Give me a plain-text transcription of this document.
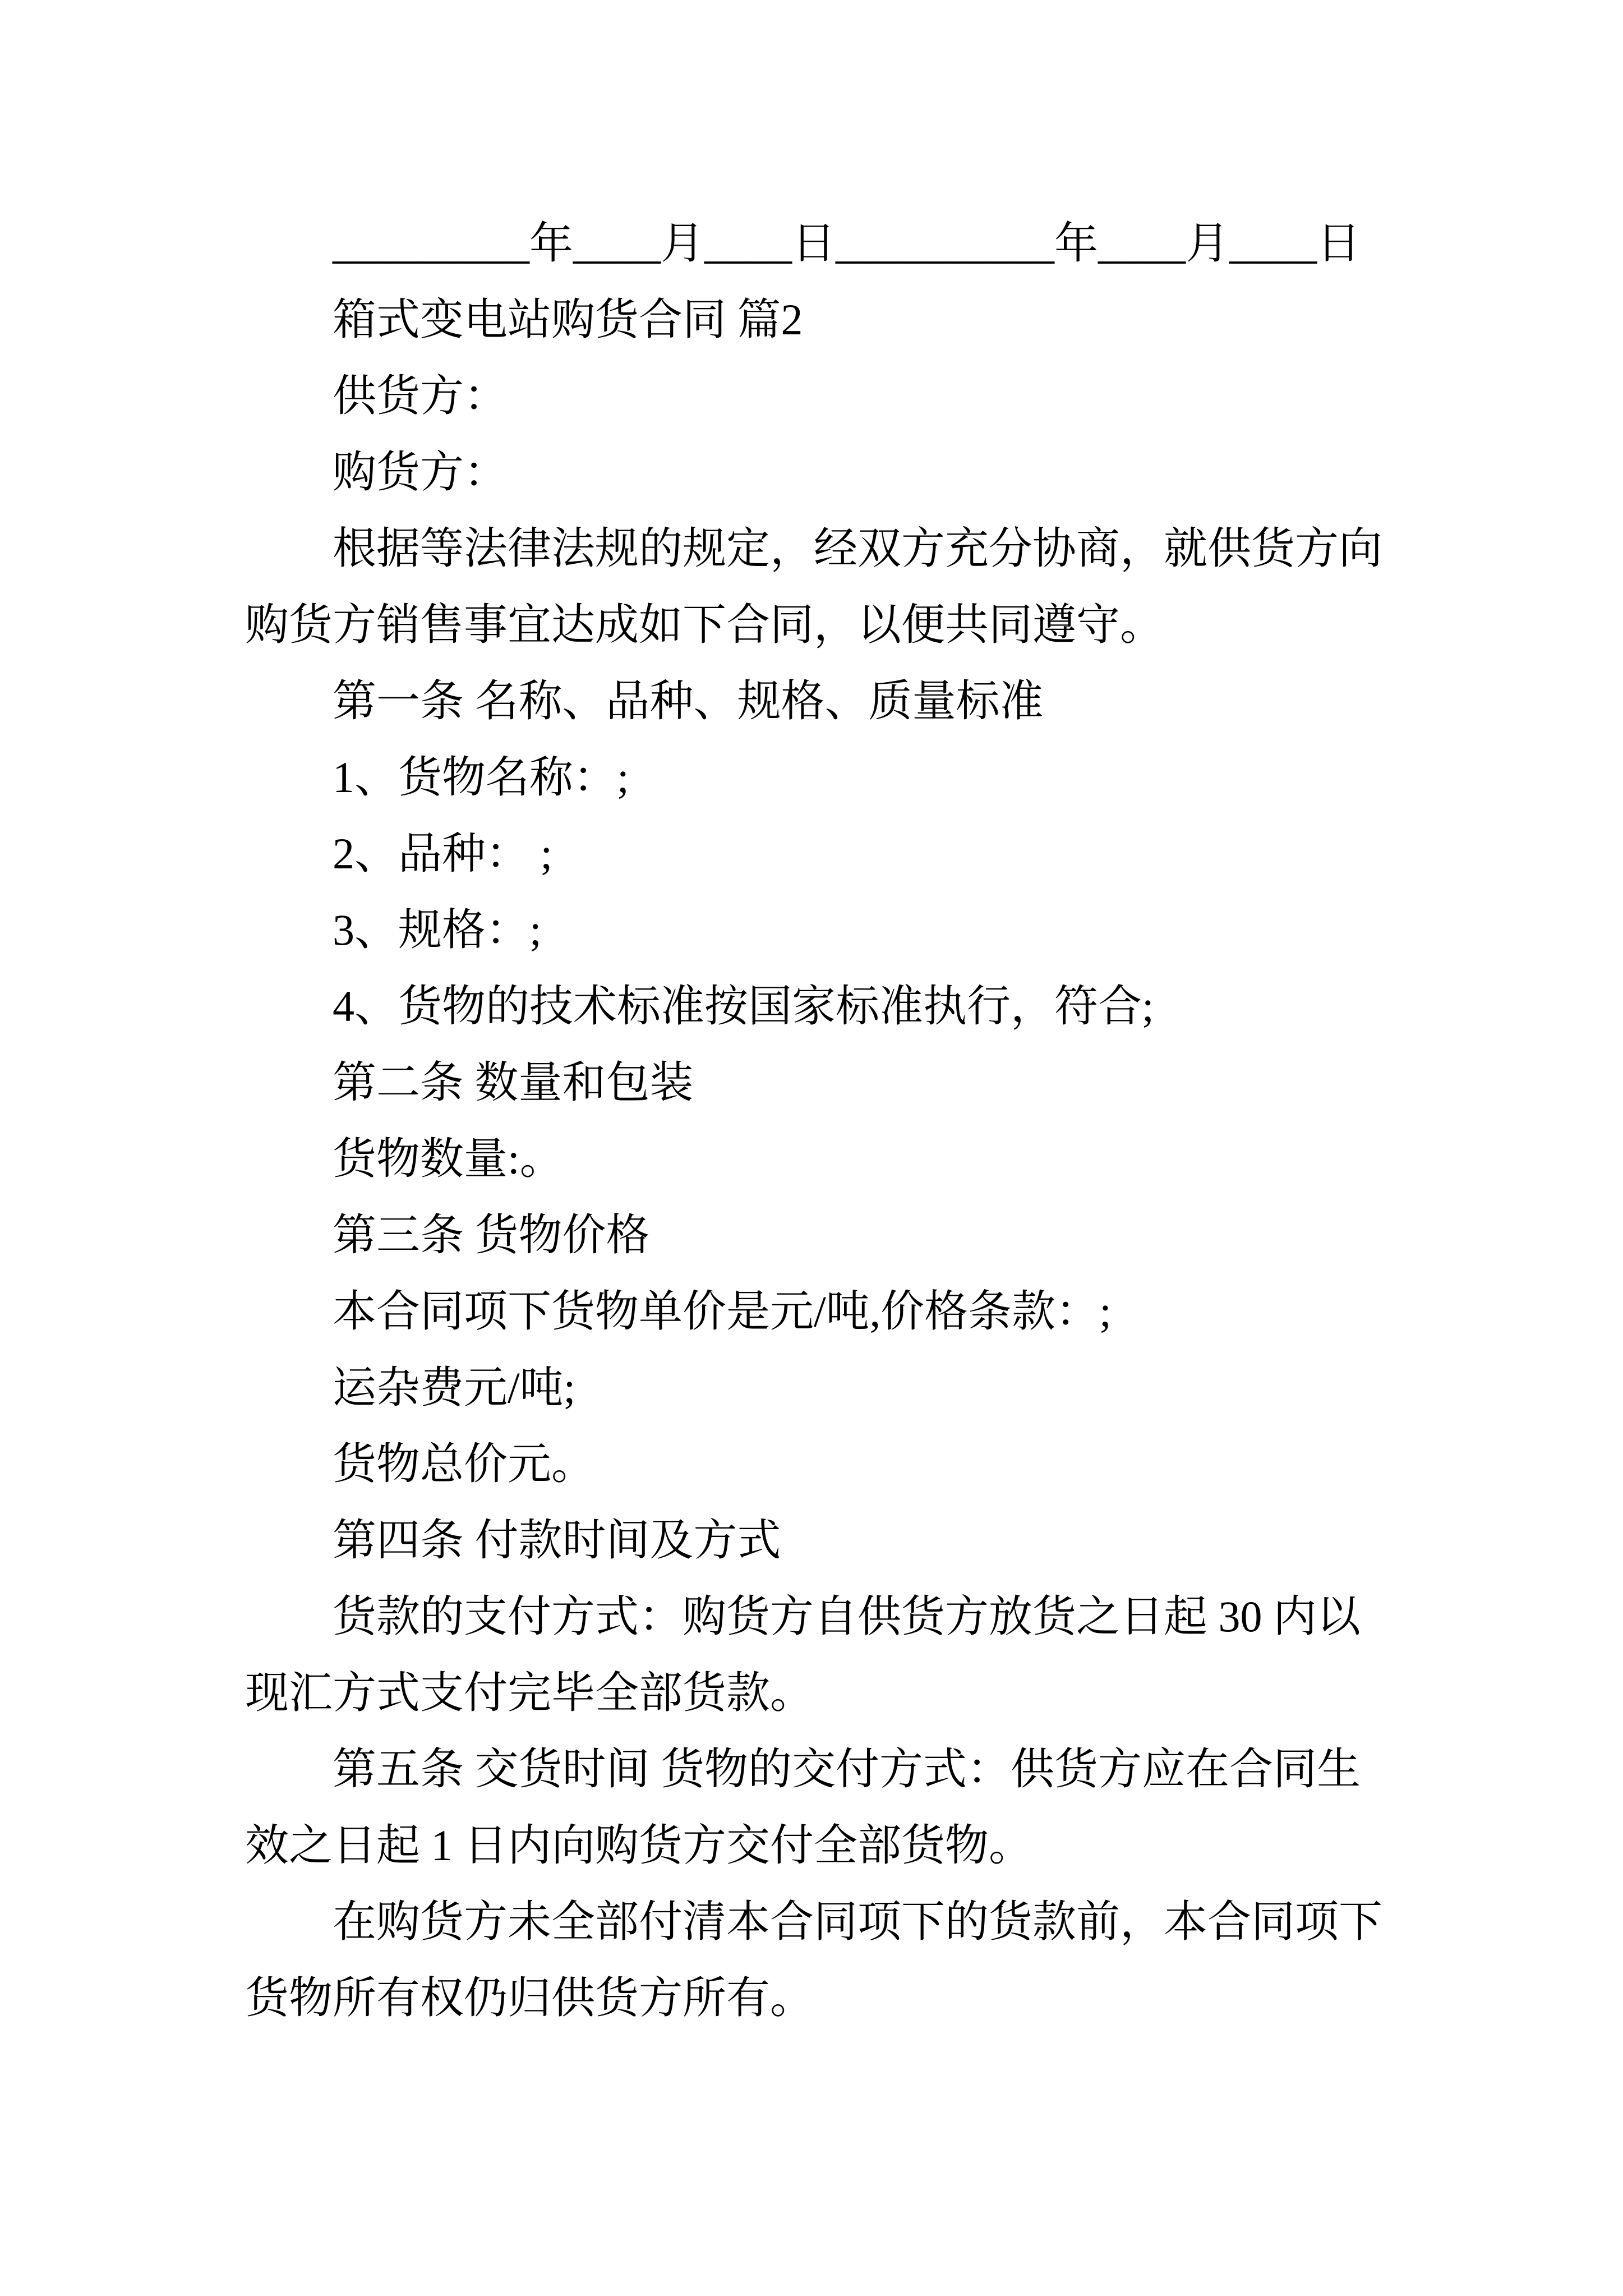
_________年____月____日__________年____月____日
箱式变电站购货合同 篇2
供货方：
购货方：
根据等法律法规的规定，经双方充分协商，就供货方向
购货方销售事宜达成如下合同，以便共同遵守。
第一条 名称、品种、规格、质量标准
1、货物名称：;
2、品种： ;
3、规格：;
4、货物的技术标准按国家标准执行，符合;
第二条 数量和包装
货物数量:。
第三条 货物价格
本合同项下货物单价是元/吨,价格条款：;
运杂费元/吨;
货物总价元。
第四条 付款时间及方式
货款的支付方式：购货方自供货方放货之日起 30 内以
现汇方式支付完毕全部货款。
第五条 交货时间 货物的交付方式：供货方应在合同生
效之日起 1 日内向购货方交付全部货物。
在购货方未全部付清本合同项下的货款前，本合同项下
货物所有权仍归供货方所有。
